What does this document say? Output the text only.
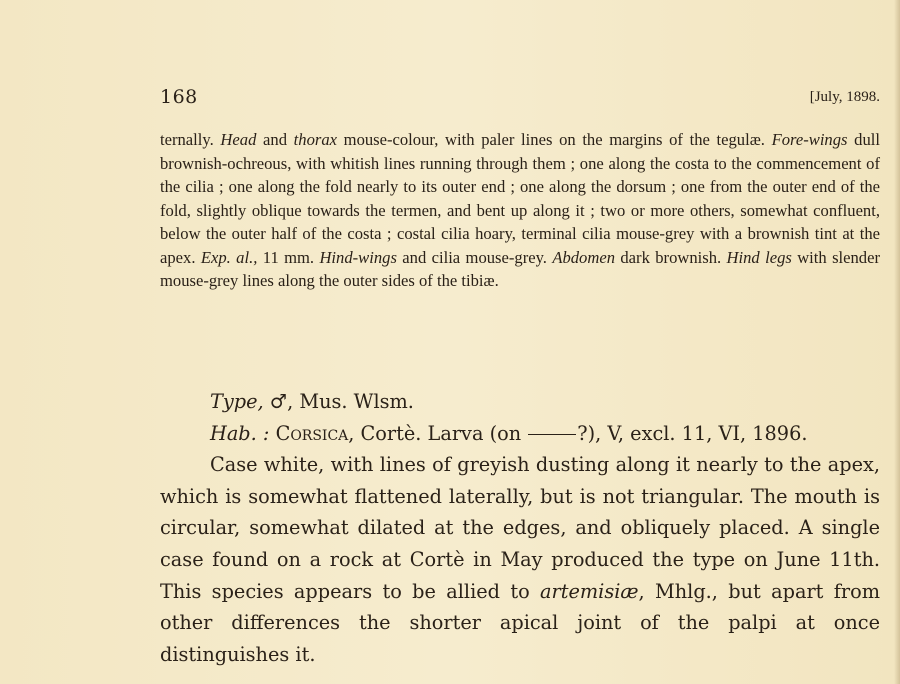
168	[July, 1898.

ternally. Head and thorax mouse-colour, with paler lines on the margins of the tegulæ. Fore-wings dull brownish-ochreous, with whitish lines running through them ; one along the costa to the commencement of the cilia ; one along the fold nearly to its outer end ; one along the dorsum ; one from the outer end of the fold, slightly oblique towards the termen, and bent up along it ; two or more others, somewhat confluent, below the outer half of the costa ; costal cilia hoary, terminal cilia mouse-grey with a brownish tint at the apex. Exp. al., 11 mm. Hind-wings and cilia mouse-grey. Abdomen dark brownish. Hind legs with slender mouse-grey lines along the outer sides of the tibiæ.

Type, ♂, Mus. Wlsm.

Hab. : Corsica, Cortè. Larva (on	?), V, excl. 11, VI, 1896.

Case white, with lines of greyish dusting along it nearly to the apex, which is somewhat flattened laterally, but is not triangular. The mouth is circular, somewhat dilated at the edges, and obliquely placed. A single case found on a rock at Cortè in May produced the type on June 11th. This species appears to be allied to artemisiæ, Mhlg., but apart from other differences the shorter apical joint of the palpi at once distinguishes it.
